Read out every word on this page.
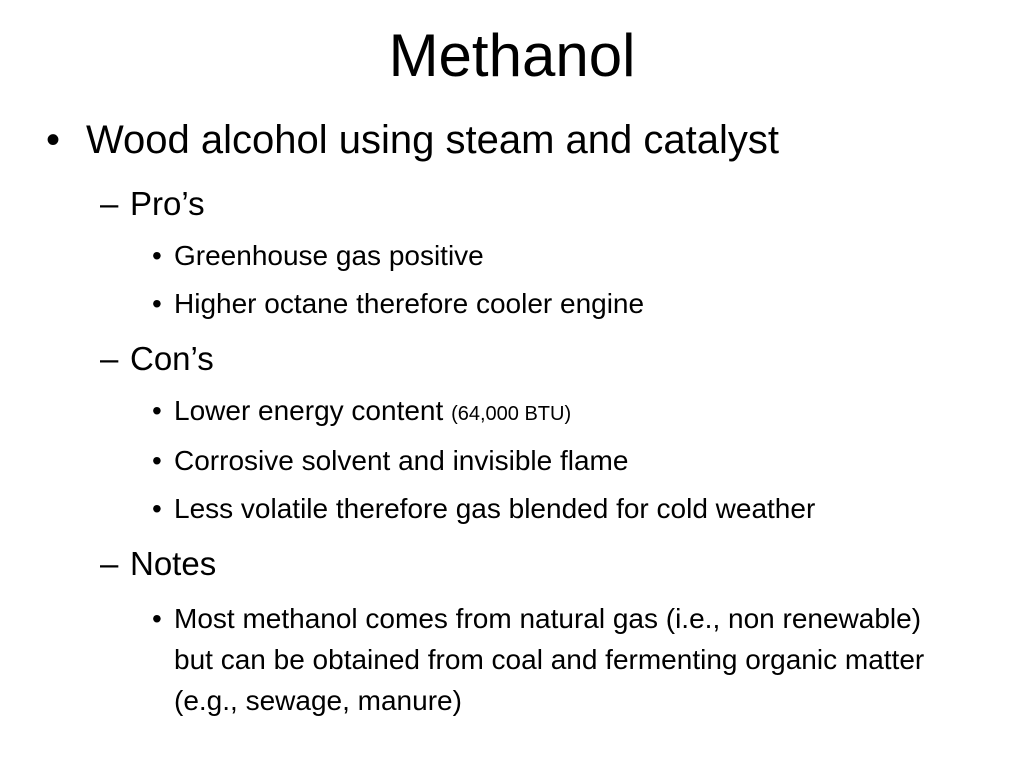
Methanol
• Wood alcohol using steam and catalyst
– Pro’s
• Greenhouse gas positive
• Higher octane therefore cooler engine
– Con’s
• Lower energy content (64,000 BTU)
• Corrosive solvent and invisible flame
• Less volatile therefore gas blended for cold weather
– Notes
• Most methanol comes from natural gas (i.e., non renewable) but can be obtained from coal and fermenting organic matter (e.g., sewage, manure)
